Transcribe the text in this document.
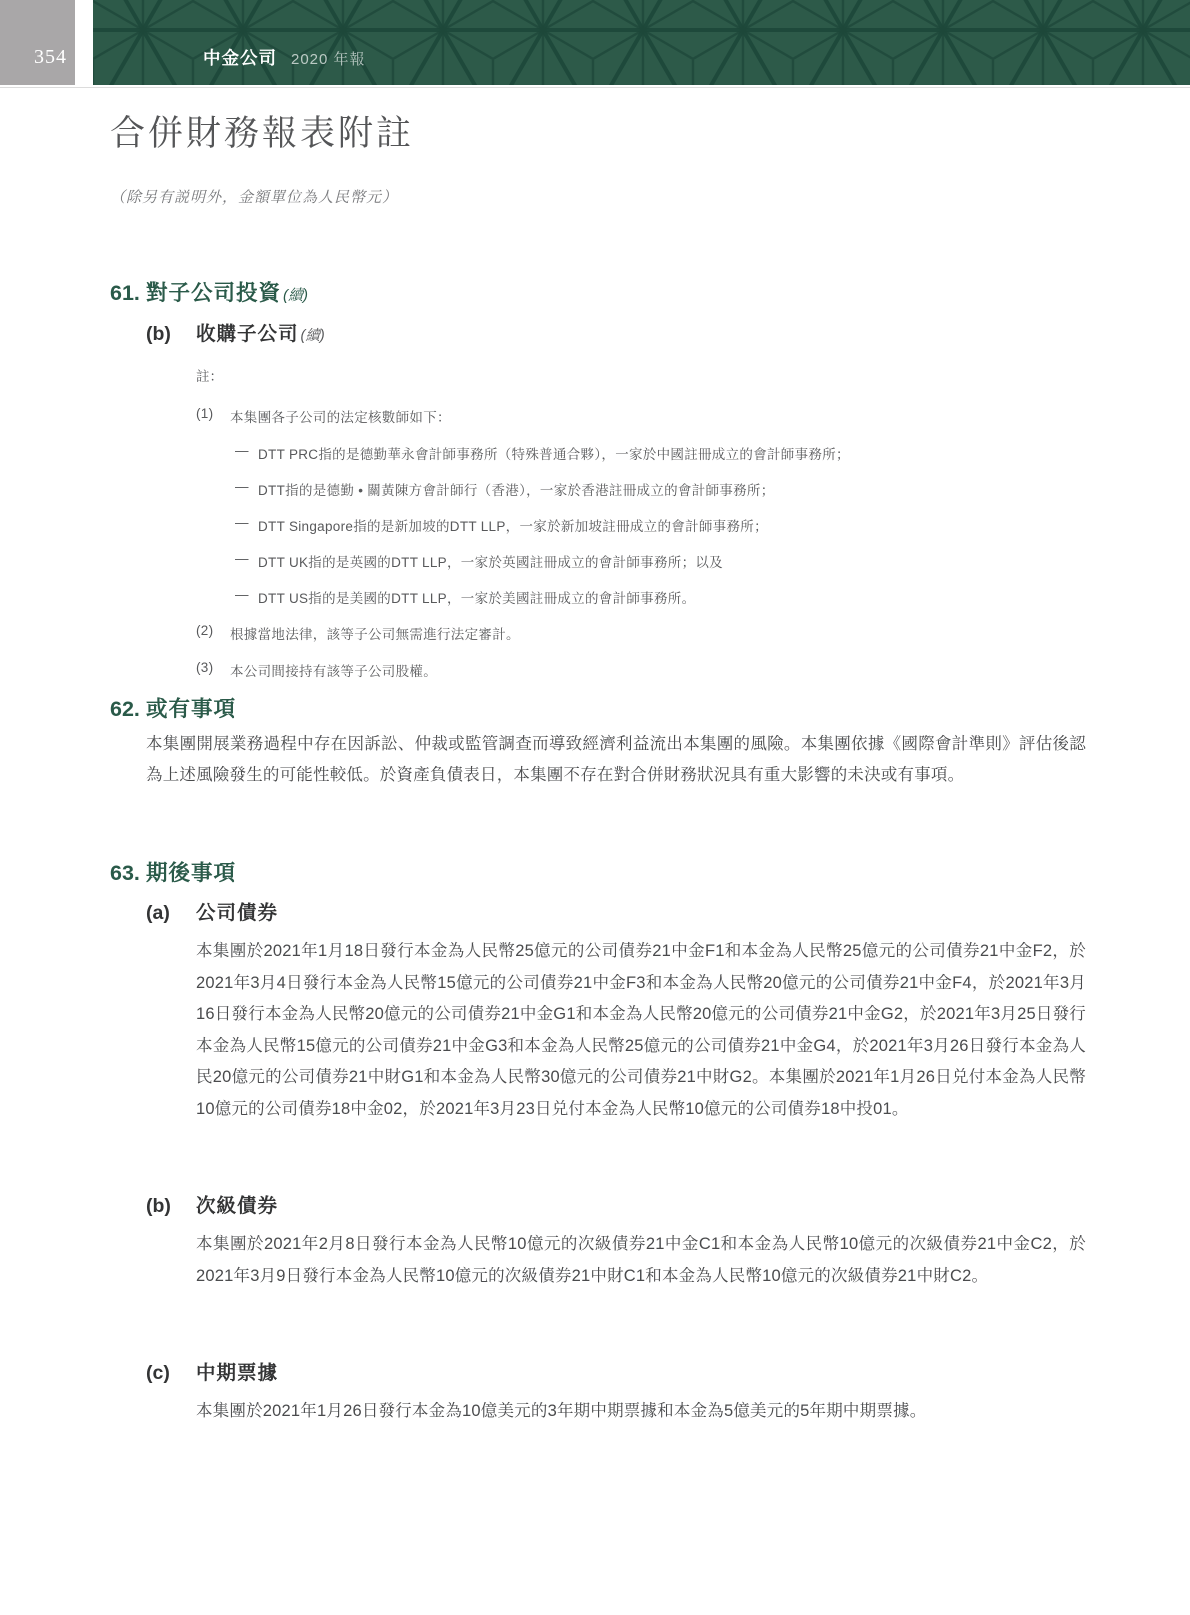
354	中金公司 2020 年報
合併財務報表附註
（除另有説明外，金額單位為人民幣元）
61. 對子公司投資 (續)
(b)	收購子公司 (續)
註：
(1)	本集團各子公司的法定核數師如下：
— DTT PRC指的是德勤華永會計師事務所（特殊普通合夥），一家於中國註冊成立的會計師事務所；
— DTT指的是德勤 • 關黃陳方會計師行（香港），一家於香港註冊成立的會計師事務所；
— DTT Singapore指的是新加坡的DTT LLP，一家於新加坡註冊成立的會計師事務所；
— DTT UK指的是英國的DTT LLP，一家於英國註冊成立的會計師事務所；以及
— DTT US指的是美國的DTT LLP，一家於美國註冊成立的會計師事務所。
(2)	根據當地法律，該等子公司無需進行法定審計。
(3)	本公司間接持有該等子公司股權。
62. 或有事項
本集團開展業務過程中存在因訴訟、仲裁或監管調查而導致經濟利益流出本集團的風險。本集團依據《國際會計準則》評估後認為上述風險發生的可能性較低。於資產負債表日，本集團不存在對合併財務狀況具有重大影響的未決或有事項。
63. 期後事項
(a)	公司債券
本集團於2021年1月18日發行本金為人民幣25億元的公司債券21中金F1和本金為人民幣25億元的公司債券21中金F2，於2021年3月4日發行本金為人民幣15億元的公司債券21中金F3和本金為人民幣20億元的公司債券21中金F4，於2021年3月16日發行本金為人民幣20億元的公司債券21中金G1和本金為人民幣20億元的公司債券21中金G2，於2021年3月25日發行本金為人民幣15億元的公司債券21中金G3和本金為人民幣25億元的公司債券21中金G4，於2021年3月26日發行本金為人民20億元的公司債券21中財G1和本金為人民幣30億元的公司債券21中財G2。本集團於2021年1月26日兑付本金為人民幣10億元的公司債券18中金02，於2021年3月23日兑付本金為人民幣10億元的公司債券18中投01。
(b)	次級債券
本集團於2021年2月8日發行本金為人民幣10億元的次級債券21中金C1和本金為人民幣10億元的次級債券21中金C2，於2021年3月9日發行本金為人民幣10億元的次級債券21中財C1和本金為人民幣10億元的次級債券21中財C2。
(c)	中期票據
本集團於2021年1月26日發行本金為10億美元的3年期中期票據和本金為5億美元的5年期中期票據。
